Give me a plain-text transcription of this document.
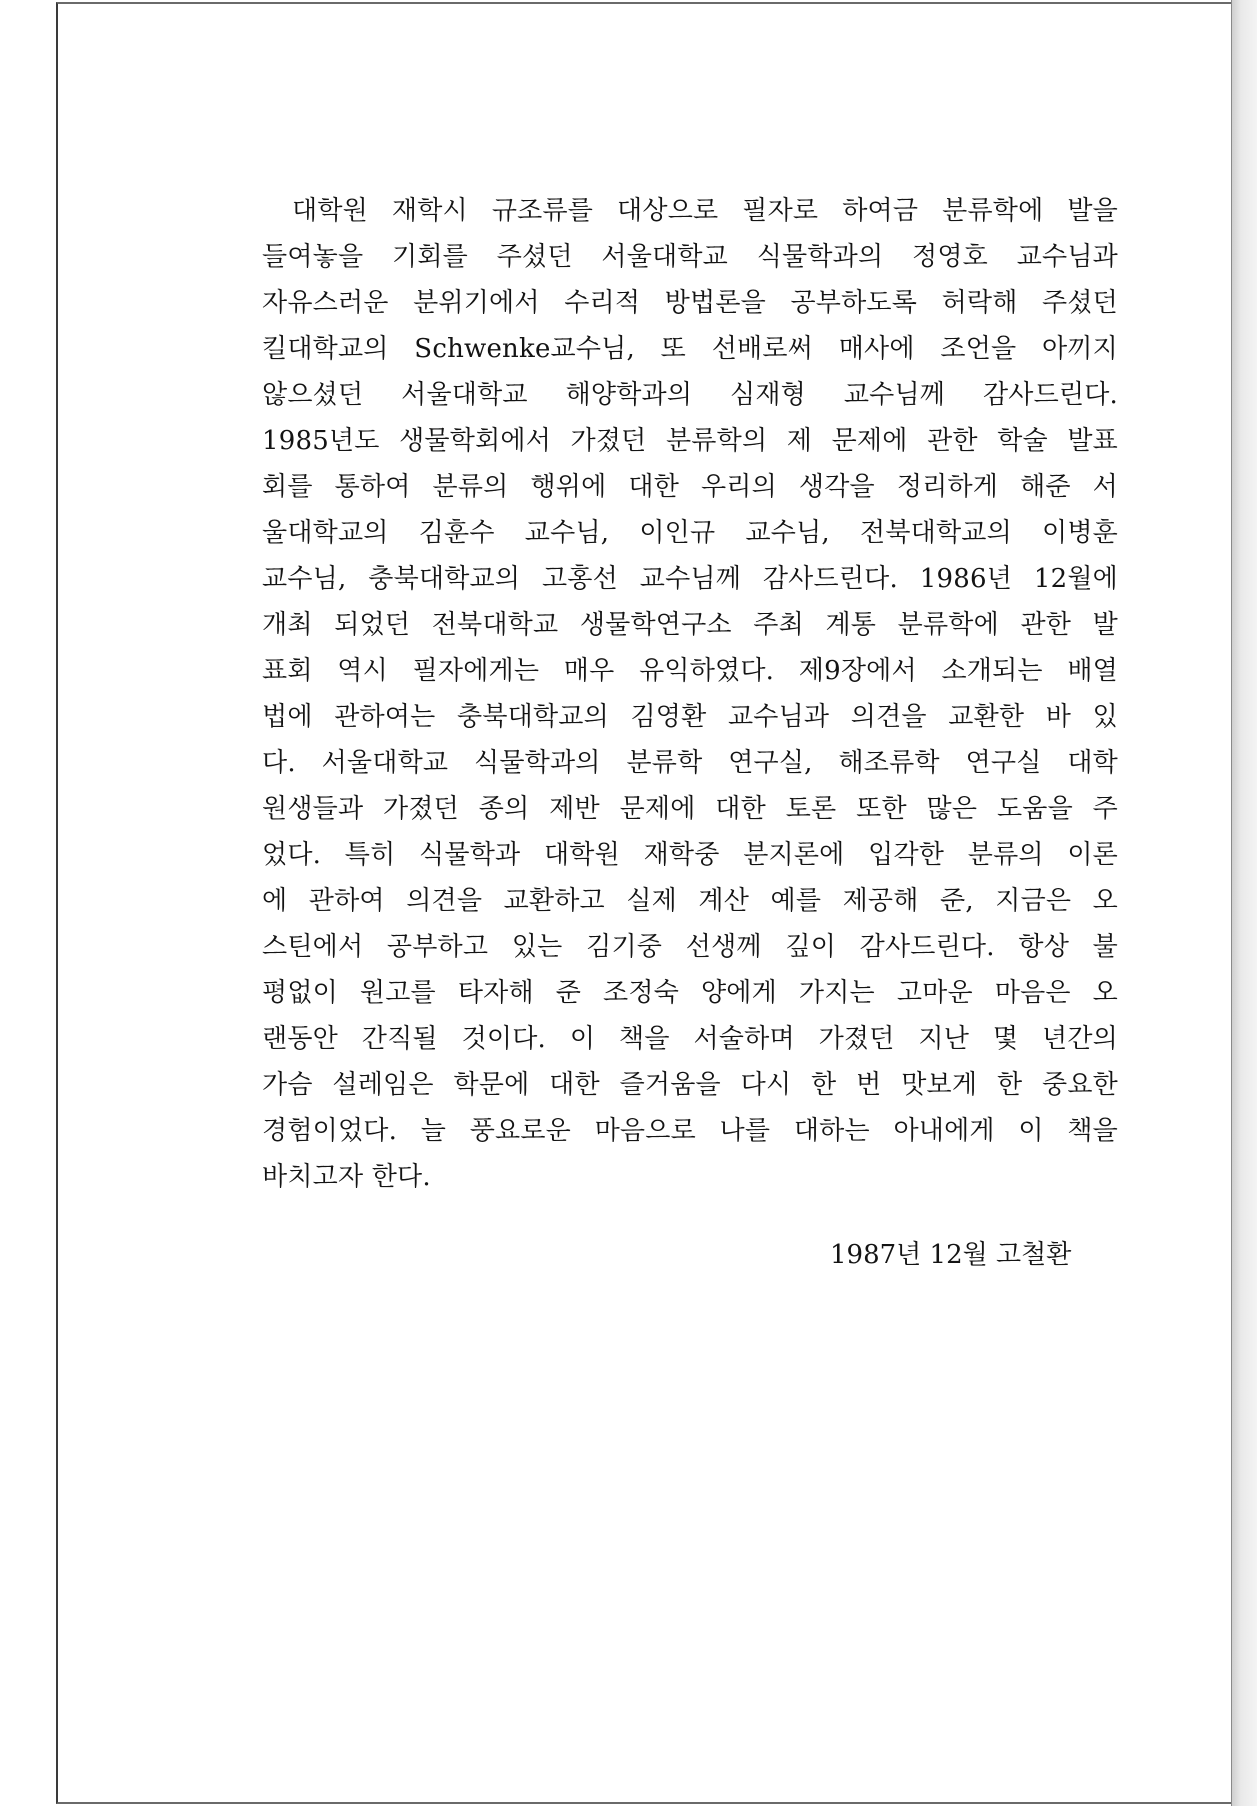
대학원 재학시 규조류를 대상으로 필자로 하여금 분류학에 발을
들여놓을 기회를 주셨던 서울대학교 식물학과의 정영호 교수님과
자유스러운 분위기에서 수리적 방법론을 공부하도록 허락해 주셨던
킬대학교의 Schwenke교수님, 또 선배로써 매사에 조언을 아끼지
않으셨던 서울대학교 해양학과의 심재형 교수님께 감사드린다.
1985년도 생물학회에서 가졌던 분류학의 제 문제에 관한 학술 발표
회를 통하여 분류의 행위에 대한 우리의 생각을 정리하게 해준 서
울대학교의 김훈수 교수님, 이인규 교수님, 전북대학교의 이병훈
교수님, 충북대학교의 고홍선 교수님께 감사드린다. 1986년 12월에
개최 되었던 전북대학교 생물학연구소 주최 계통 분류학에 관한 발
표회 역시 필자에게는 매우 유익하였다. 제9장에서 소개되는 배열
법에 관하여는 충북대학교의 김영환 교수님과 의견을 교환한 바 있
다. 서울대학교 식물학과의 분류학 연구실, 해조류학 연구실 대학
원생들과 가졌던 종의 제반 문제에 대한 토론 또한 많은 도움을 주
었다. 특히 식물학과 대학원 재학중 분지론에 입각한 분류의 이론
에 관하여 의견을 교환하고 실제 계산 예를 제공해 준, 지금은 오
스틴에서 공부하고 있는 김기중 선생께 깊이 감사드린다. 항상 불
평없이 원고를 타자해 준 조정숙 양에게 가지는 고마운 마음은 오
랜동안 간직될 것이다. 이 책을 서술하며 가졌던 지난 몇 년간의
가슴 설레임은 학문에 대한 즐거움을 다시 한 번 맛보게 한 중요한
경험이었다. 늘 풍요로운 마음으로 나를 대하는 아내에게 이 책을
바치고자 한다.
1987년 12월 고철환
